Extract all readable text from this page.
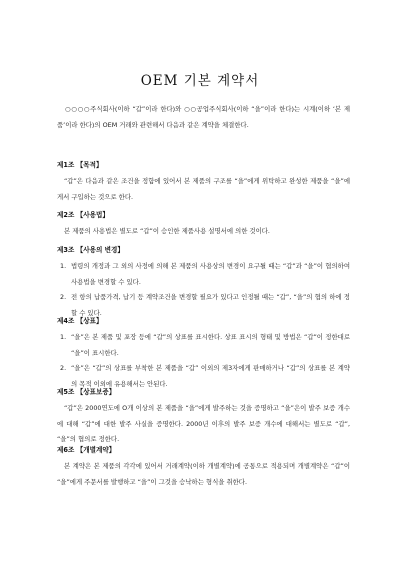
OEM 기본 계약서
○○○○주식회사(이하 “갑”이라 한다)와 ○○공업주식회사(이하 “을”이라 한다)는 시계(이하 ‘본 제품’이라 한다)의 OEM 거래와 관련해서 다음과 같은 계약을 체결한다.
제1조 【목적】
“갑”은 다음과 같은 조건을 정함에 있어서 본 제품의 구조를 “을”에게 위탁하고 완성한 제품을 “을”에게서 구입하는 것으로 한다.
제2조 【사용법】
본 제품의 사용법은 별도로 “갑”이 승인한 제품사용 설명서에 의한 것이다.
제3조 【사용의 변경】
1. 법령의 개정과 그 외의 사정에 의해 본 제품의 사용상의 변경이 요구될 때는 “갑”과 “을”이 협의하여 사용법을 변경할 수 있다.
2. 전 항의 납품가격, 납기 등 계약조건을 변경할 필요가 있다고 인정될 때는 “갑”, “을”의 협의 하에 정할 수 있다.
제4조 【상표】
1. “을”은 본 제품 및 포장 등에 “갑”의 상표를 표시한다. 상표 표시의 형태 및 방법은 “갑”이 정한대로 “을”이 표시한다.
2. “을”은 “갑”의 상표를 부착한 본 제품을 “갑” 이외의 제3자에게 판매하거나 “갑”의 상표를 본 계약의 목적 이외에 유용해서는 안된다.
제5조 【상표보증】
“갑”은 2000연도에 O개 이상의 본 제품을 “을”에게 발주하는 것을 증명하고 “을”은이 발주 보증 개수에 대해 “갑”에 대한 발주 사실을 증명한다. 2000년 이후의 발주 보증 개수에 대해서는 별도로 “갑”, “을”의 협의로 정한다.
제6조 【개별계약】
본 계약은 본 제품의 각각에 있어서 거래계약(이하 개별계약)에 공통으로 적용되며 개별계약은 “갑”이 “을”에게 주문서를 발행하고 “을”이 그것을 승낙하는 형식을 취한다.
